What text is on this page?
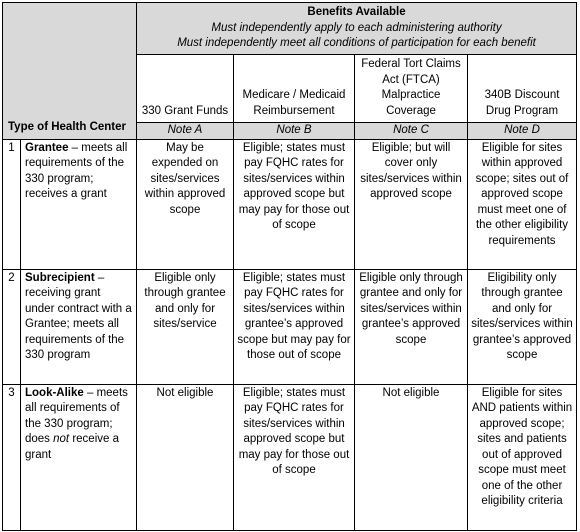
Type of Health Center		Benefits Available
Must independently apply to each administering authority
Must independently meet all conditions of participation for each benefit			

		330 Grant Funds	Medicare / Medicaid Reimbursement	Federal Tort Claims Act (FTCA) Malpractice Coverage	340B Discount Drug Program
		Note A	Note B	Note C	Note D
1	Grantee – meets all requirements of the 330 program; receives a grant	May be expended on sites/services within approved scope	Eligible; states must pay FQHC rates for sites/services within approved scope but may pay for those out of scope	Eligible; but will cover only sites/services within approved scope	Eligible for sites within approved scope; sites out of approved scope must meet one of the other eligibility requirements
2	Subrecipient – receiving grant under contract with a Grantee; meets all requirements of the 330 program	Eligible only through grantee and only for sites/service	Eligible; states must pay FQHC rates for sites/services within grantee’s approved scope but may pay for those out of scope	Eligible only through grantee and only for sites/services within grantee’s approved scope	Eligibility only through grantee and only for sites/services within grantee’s approved scope
3	Look-Alike – meets all requirements of the 330 program; does not receive a grant	Not eligible	Eligible; states must pay FQHC rates for sites/services within approved scope but may pay for those out of scope	Not eligible	Eligible for sites AND patients within approved scope; sites and patients out of approved scope must meet one of the other eligibility criteria
